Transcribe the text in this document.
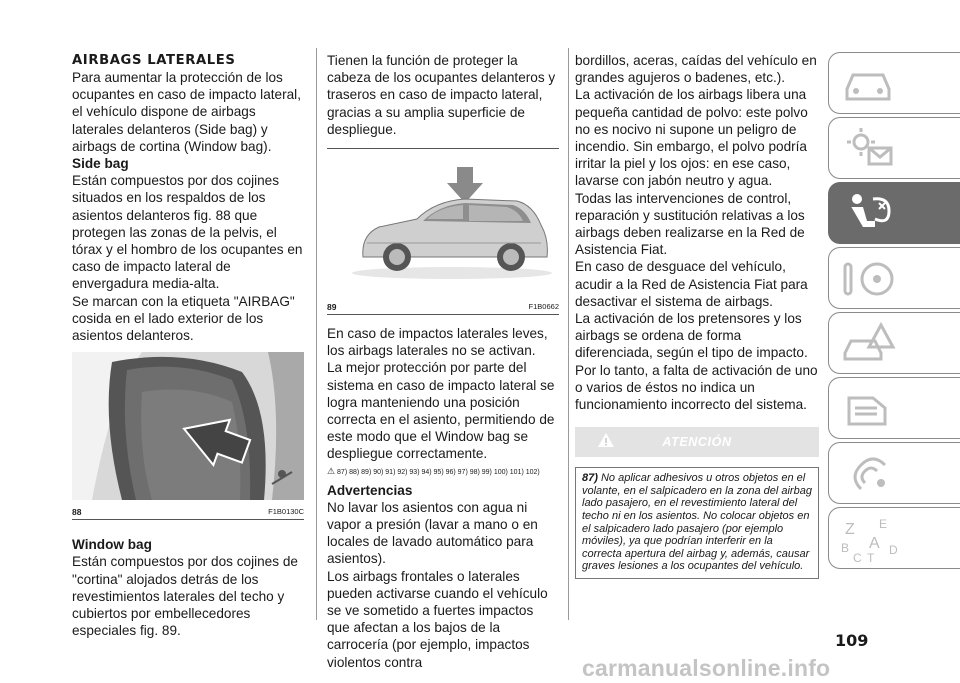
AIRBAGS LATERALES

Para aumentar la protección de los ocupantes en caso de impacto lateral, el vehículo dispone de airbags laterales delanteros (Side bag) y airbags de cortina (Window bag).

Side bag

Están compuestos por dos cojines situados en los respaldos de los asientos delanteros fig. 88 que protegen las zonas de la pelvis, el tórax y el hombro de los ocupantes en caso de impacto lateral de envergadura media-alta.

Se marcan con la etiqueta "AIRBAG" cosida en el lado exterior de los asientos delanteros.

88	F1B0130C
Window bag

Están compuestos por dos cojines de "cortina" alojados detrás de los revestimientos laterales del techo y cubiertos por embellecedores especiales fig. 89.

Tienen la función de proteger la cabeza de los ocupantes delanteros y traseros en caso de impacto lateral, gracias a su amplia superficie de despliegue.

89	F1B0662

En caso de impactos laterales leves, los airbags laterales no se activan.

La mejor protección por parte del sistema en caso de impacto lateral se logra manteniendo una posición correcta en el asiento, permitiendo de este modo que el Window bag se despliegue correctamente.

⚠ 87) 88) 89) 90) 91) 92) 93) 94) 95) 96) 97) 98) 99) 100) 101) 102)
Advertencias

No lavar los asientos con agua ni vapor a presión (lavar a mano o en locales de lavado automático para asientos).

Los airbags frontales o laterales pueden activarse cuando el vehículo se ve sometido a fuertes impactos que afectan a los bajos de la carrocería (por ejemplo, impactos violentos contra

bordillos, aceras, caídas del vehículo en grandes agujeros o badenes, etc.).

La activación de los airbags libera una pequeña cantidad de polvo: este polvo no es nocivo ni supone un peligro de incendio. Sin embargo, el polvo podría irritar la piel y los ojos: en ese caso, lavarse con jabón neutro y agua.

Todas las intervenciones de control, reparación y sustitución relativas a los airbags deben realizarse en la Red de Asistencia Fiat.

En caso de desguace del vehículo, acudir a la Red de Asistencia Fiat para desactivar el sistema de airbags.

La activación de los pretensores y los airbags se ordena de forma diferenciada, según el tipo de impacto. Por lo tanto, a falta de activación de uno o varios de éstos no indica un funcionamiento incorrecto del sistema.

ATENCIÓN

87) No aplicar adhesivos u otros objetos en el volante, en el salpicadero en la zona del airbag lado pasajero, en el revestimiento lateral del techo ni en los asientos. No colocar objetos en el salpicadero lado pasajero (por ejemplo móviles), ya que podrían interferir en la correcta apertura del airbag y, además, causar graves lesiones a los ocupantes del vehículo.

Z E
B A
C T
D
109
carmanualsonline.info
